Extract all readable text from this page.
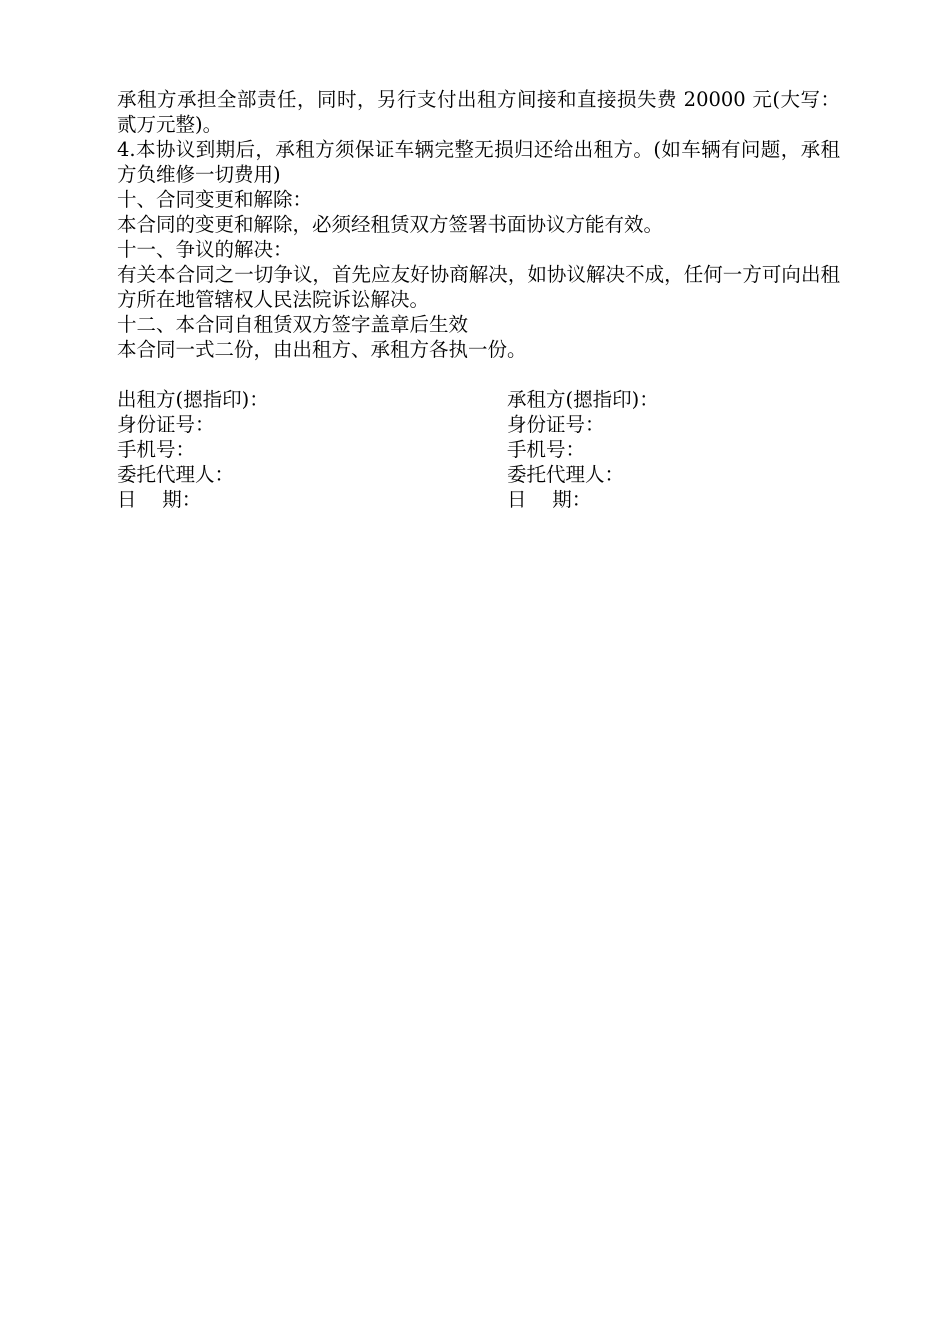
承租方承担全部责任，同时，另行支付出租方间接和直接损失费 20000 元(大写：贰万元整)。

4.本协议到期后，承租方须保证车辆完整无损归还给出租方。(如车辆有问题，承租方负维修一切费用)

十、合同变更和解除：

本合同的变更和解除，必须经租赁双方签署书面协议方能有效。

十一、争议的解决：

有关本合同之一切争议，首先应友好协商解决，如协议解决不成，任何一方可向出租方所在地管辖权人民法院诉讼解决。

十二、本合同自租赁双方签字盖章后生效

本合同一式二份，由出租方、承租方各执一份。

出租方(摁指印)：

身份证号：

手机号：

委托代理人：

日　 期：

承租方(摁指印)：

身份证号：

手机号：

委托代理人：

日　 期：
